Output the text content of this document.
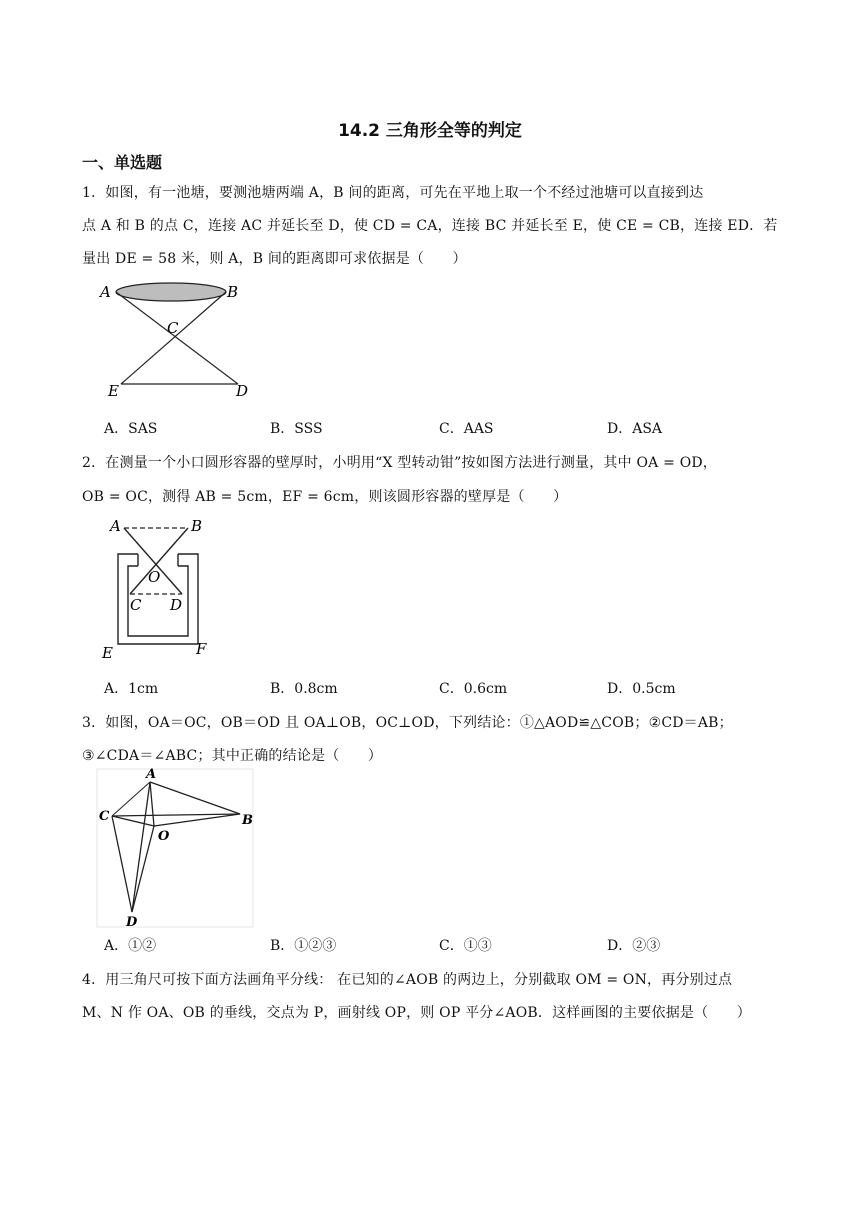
14.2 三角形全等的判定
一、单选题
1．如图，有一池塘，要测池塘两端 A，B 间的距离，可先在平地上取一个不经过池塘可以直接到达
点 A 和 B 的点 C，连接 AC 并延长至 D，使 CD = CA，连接 BC 并延长至 E，使 CE = CB，连接 ED．若
量出 DE = 58 米，则 A，B 间的距离即可求依据是（　　）
A	B
C
E	D
A．SAS	B．SSS	C．AAS	D．ASA
2．在测量一个小口圆形容器的壁厚时，小明用“X 型转动钳”按如图方法进行测量，其中 OA = OD，
OB = OC，测得 AB = 5cm，EF = 6cm，则该圆形容器的壁厚是（　　）
A	B
O
C D
E	F
A．1cm	B．0.8cm	C．0.6cm	D．0.5cm
3．如图，OA＝OC，OB＝OD 且 OA⊥OB，OC⊥OD，下列结论：①△AOD≌△COB；②CD＝AB；
③∠CDA＝∠ABC；其中正确的结论是（　　）
A
B
C
O
D
A．①②	B．①②③	C．①③	D．②③
4．用三角尺可按下面方法画角平分线： 在已知的∠AOB 的两边上，分别截取 OM = ON，再分别过点
M、N 作 OA、OB 的垂线，交点为 P，画射线 OP，则 OP 平分∠AOB．这样画图的主要依据是（　　）
